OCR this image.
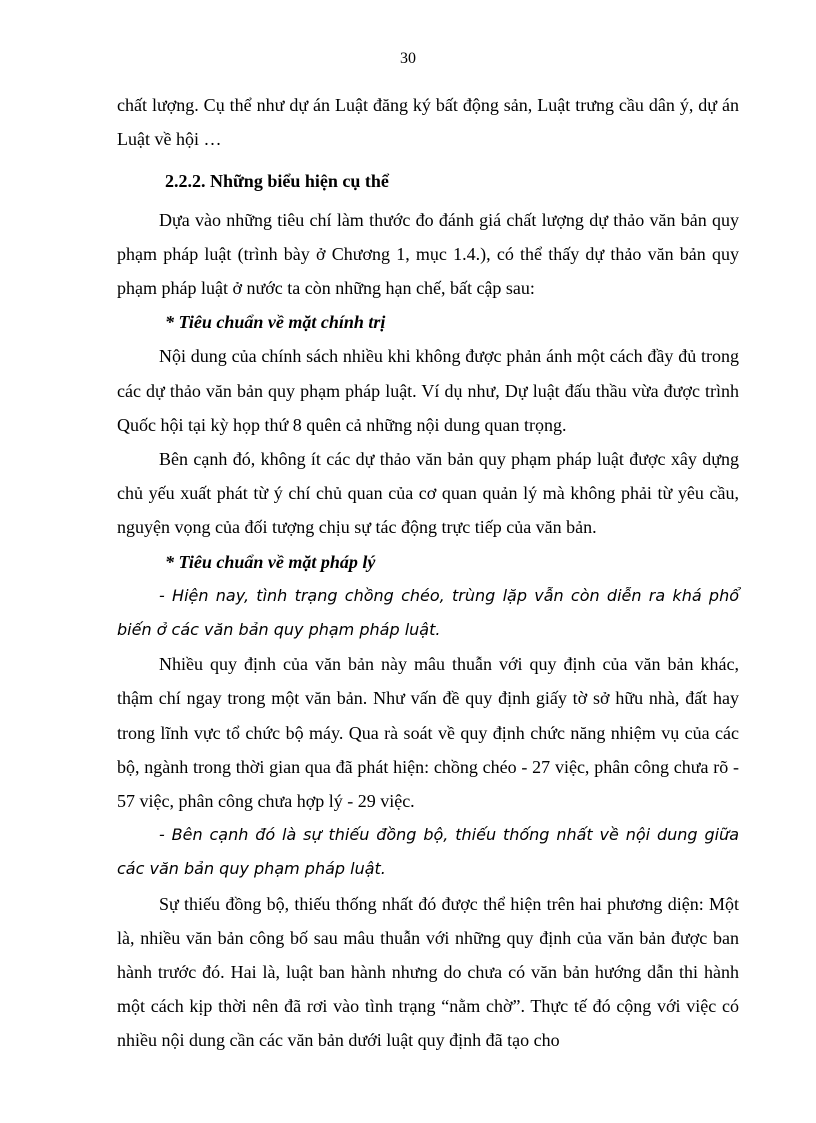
30

chất lượng. Cụ thể như dự án Luật đăng ký bất động sản, Luật trưng cầu dân ý, dự án Luật về hội …

2.2.2. Những biểu hiện cụ thể

Dựa vào những tiêu chí làm thước đo đánh giá chất lượng dự thảo văn bản quy phạm pháp luật (trình bày ở Chương 1, mục 1.4.), có thể thấy dự thảo văn bản quy phạm pháp luật ở nước ta còn những hạn chế, bất cập sau:

* Tiêu chuẩn về mặt chính trị

Nội dung của chính sách nhiều khi không được phản ánh một cách đầy đủ trong các dự thảo văn bản quy phạm pháp luật. Ví dụ như, Dự luật đấu thầu vừa được trình Quốc hội tại kỳ họp thứ 8 quên cả những nội dung quan trọng.

Bên cạnh đó, không ít các dự thảo văn bản quy phạm pháp luật được xây dựng chủ yếu xuất phát từ ý chí chủ quan của cơ quan quản lý mà không phải từ yêu cầu, nguyện vọng của đối tượng chịu sự tác động trực tiếp của văn bản.

* Tiêu chuẩn về mặt pháp lý

- Hiện nay, tình trạng chồng chéo, trùng lặp vẫn còn diễn ra khá phổ biến ở các văn bản quy phạm pháp luật.

Nhiều quy định của văn bản này mâu thuẫn với quy định của văn bản khác, thậm chí ngay trong một văn bản. Như vấn đề quy định giấy tờ sở hữu nhà, đất hay trong lĩnh vực tổ chức bộ máy. Qua rà soát về quy định chức năng nhiệm vụ của các bộ, ngành trong thời gian qua đã phát hiện: chồng chéo - 27 việc, phân công chưa rõ - 57 việc, phân công chưa hợp lý - 29 việc.

- Bên cạnh đó là sự thiếu đồng bộ, thiếu thống nhất về nội dung giữa các văn bản quy phạm pháp luật.

Sự thiếu đồng bộ, thiếu thống nhất đó được thể hiện trên hai phương diện: Một là, nhiều văn bản công bố sau mâu thuẫn với những quy định của văn bản được ban hành trước đó. Hai là, luật ban hành nhưng do chưa có văn bản hướng dẫn thi hành một cách kịp thời nên đã rơi vào tình trạng “nằm chờ”. Thực tế đó cộng với việc có nhiều nội dung cần các văn bản dưới luật quy định đã tạo cho
